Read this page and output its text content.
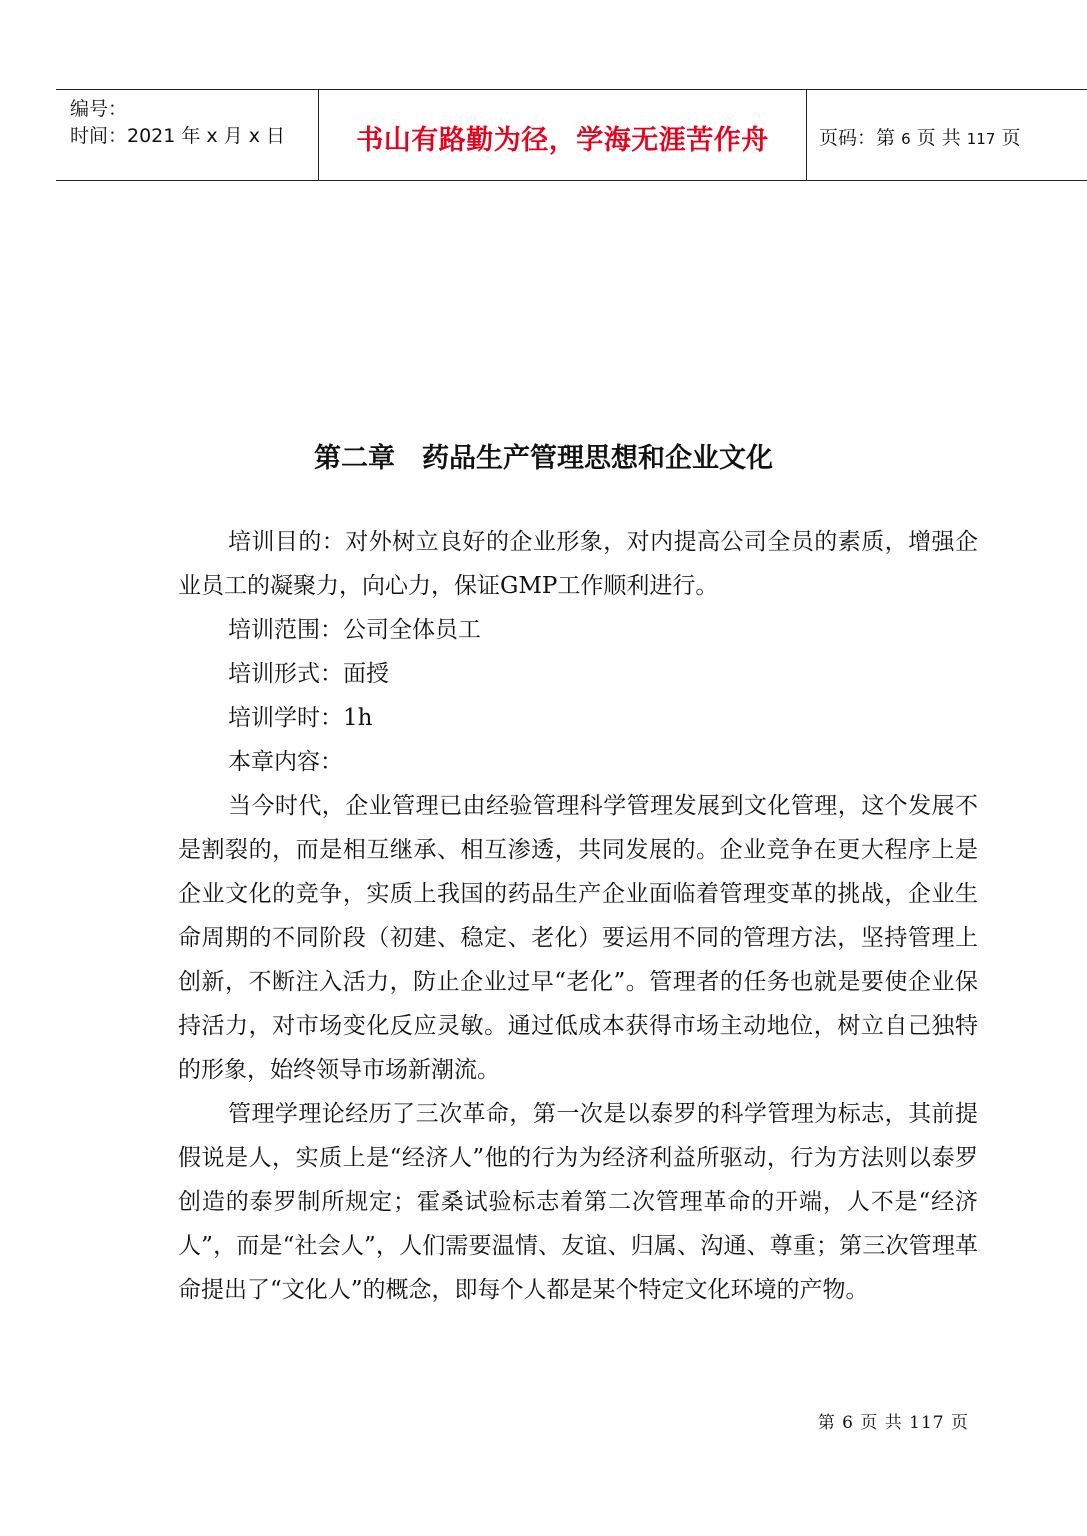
编号：
时间：2021 年 x 月 x 日	书山有路勤为径，学海无涯苦作舟	页码：第 6 页 共 117 页
第二章　药品生产管理思想和企业文化

培训目的：对外树立良好的企业形象，对内提高公司全员的素质，增强企业员工的凝聚力，向心力，保证GMP工作顺利进行。

培训范围：公司全体员工

培训形式：面授

培训学时：1h

本章内容：

当今时代，企业管理已由经验管理科学管理发展到文化管理，这个发展不是割裂的，而是相互继承、相互渗透，共同发展的。企业竞争在更大程序上是企业文化的竞争，实质上我国的药品生产企业面临着管理变革的挑战，企业生命周期的不同阶段（初建、稳定、老化）要运用不同的管理方法，坚持管理上创新，不断注入活力，防止企业过早“老化”。管理者的任务也就是要使企业保持活力，对市场变化反应灵敏。通过低成本获得市场主动地位，树立自己独特的形象，始终领导市场新潮流。

管理学理论经历了三次革命，第一次是以泰罗的科学管理为标志，其前提假说是人，实质上是“经济人”他的行为为经济利益所驱动，行为方法则以泰罗创造的泰罗制所规定；霍桑试验标志着第二次管理革命的开端，人不是“经济人”，而是“社会人”，人们需要温情、友谊、归属、沟通、尊重；第三次管理革命提出了“文化人”的概念，即每个人都是某个特定文化环境的产物。

第 6 页 共 117 页
